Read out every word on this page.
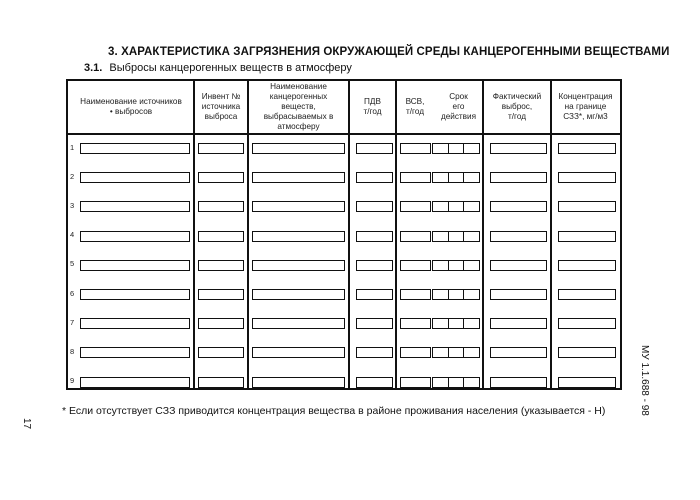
3. ХАРАКТЕРИСТИКА ЗАГРЯЗНЕНИЯ ОКРУЖАЮЩЕЙ СРЕДЫ КАНЦЕРОГЕННЫМИ ВЕЩЕСТВАМИ
3.1. Выбросы канцерогенных веществ в атмосферу
Наименование источников
• выбросов
Инвент №
источника
выброса
Наименование
канцерогенных
веществ,
выбрасываемых в
атмосферу
ПДВ
т/год
ВСВ,
т/год
Срок
его действия
Фактический
выброс,
т/год
Концентрация
на границе
СЗЗ*, мг/м3
1
2
3
4
5
6
7
8
9
* Если отсутствует СЗЗ приводится концентрация вещества в районе проживания населения (указывается - Н)	МУ 1.1.688 - 98
17
